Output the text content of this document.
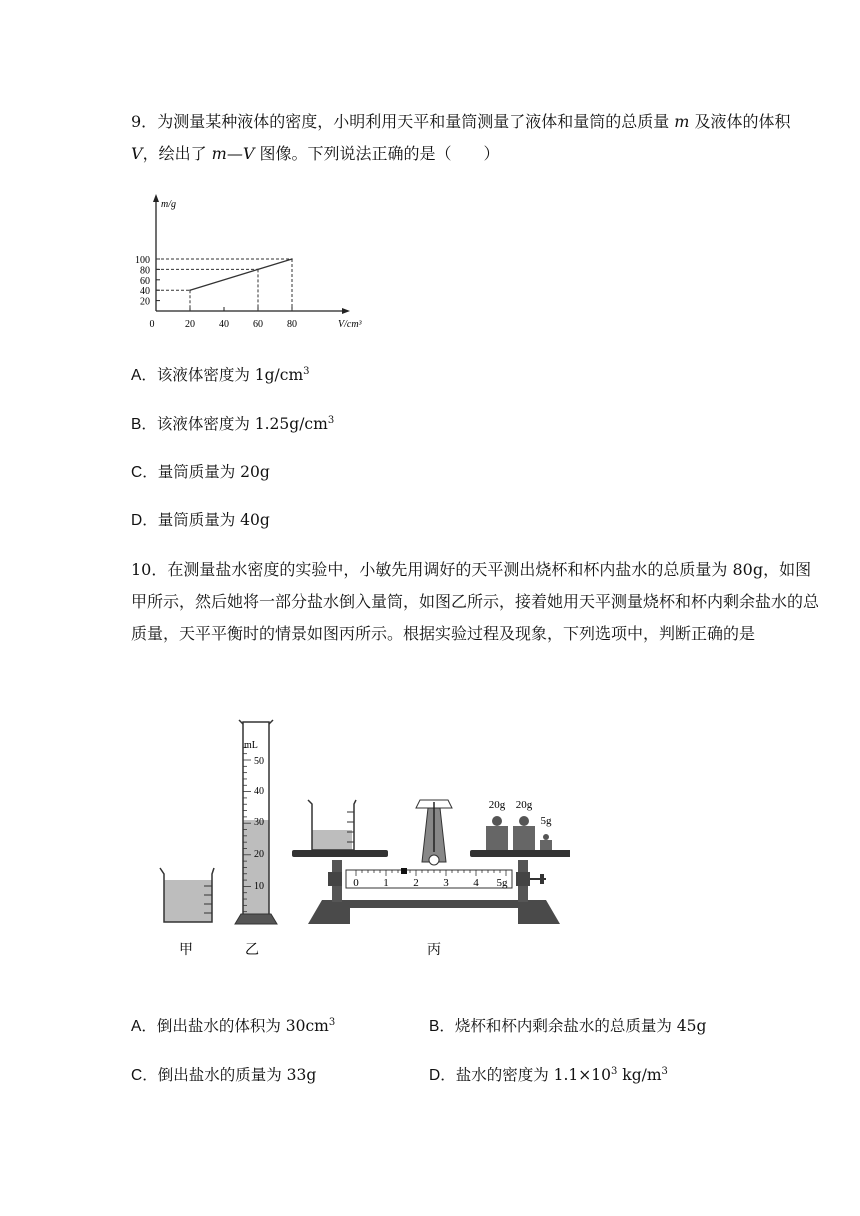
9．为测量某种液体的密度，小明利用天平和量筒测量了液体和量筒的总质量 m 及液体的体积 V，绘出了 m—V 图像。下列说法正确的是（　　）
100
80
60
40
20
20 40 60 80
0
m/g
V/cm³
A．该液体密度为 $1g/cm^3$
B．该液体密度为 $1.25g/cm^3$
C．量筒质量为 20g
D．量筒质量为 40g
10．在测量盐水密度的实验中，小敏先用调好的天平测出烧杯和杯内盐水的总质量为 80g，如图甲所示，然后她将一部分盐水倒入量筒，如图乙所示，接着她用天平测量烧杯和杯内剩余盐水的总质量，天平平衡时的情景如图丙所示。根据实验过程及现象，下列选项中，判断正确的是
甲
mL
50
40
30
20
10
乙
20g 20g
5g
0 1 2 3 4 5g
丙
A．倒出盐水的体积为 $30cm^3$	B．烧杯和杯内剩余盐水的总质量为 45g
C．倒出盐水的质量为 33g	D．盐水的密度为 $1.1\times 10^3$ $kg/m^3$
